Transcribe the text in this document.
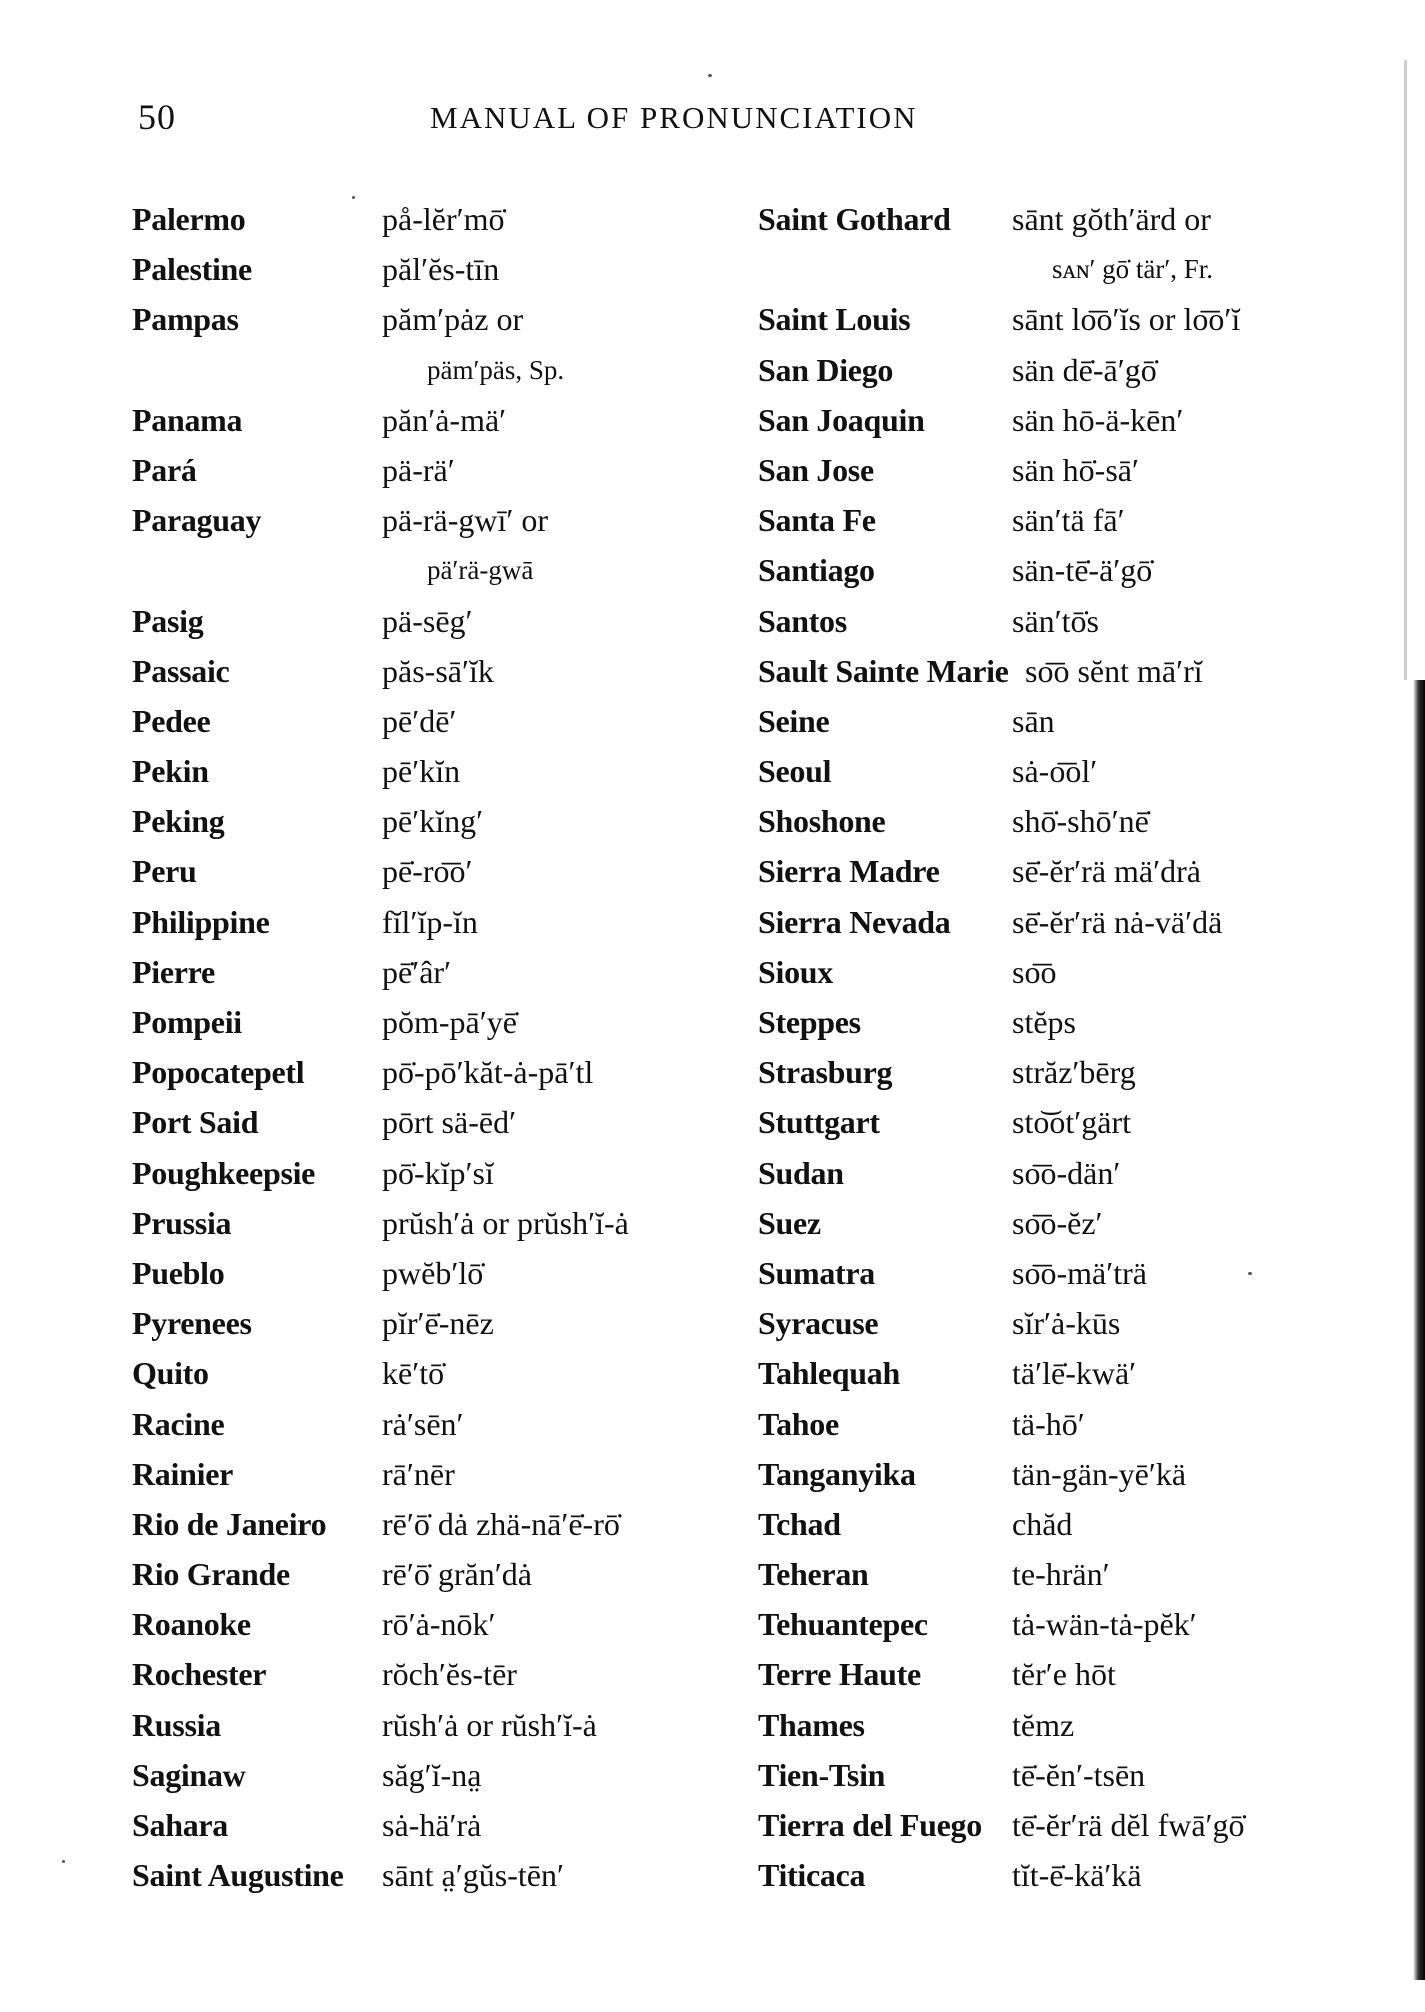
50	MANUAL OF PRONUNCIATION
Palermo	på-lĕr′mō̇
Palestine	păl′ĕs-tīn
Pampas	păm′pȧz or
päm′päs, Sp.
Panama	păn′ȧ-mä′
Pará	pä-rä′
Paraguay	pä-rä-gwī′ or
pä′rä-gwā
Pasig	pä-sēg′
Passaic	păs-sā′ĭk
Pedee	pē′dē′
Pekin	pē′kĭn
Peking	pē′kĭng′
Peru	pē̇-ro͞o′
Philippine	fĭl′ĭp-ĭn
Pierre	pē̇′âr′
Pompeii	pŏm-pā′yē̇
Popocatepetl pō̇-pō′kăt-ȧ-pā′tl
Port Said	pōrt sä-ēd′
Poughkeepsie pō̇-kĭp′sĭ
Prussia	prŭsh′ȧ or prŭsh′ĭ-ȧ
Pueblo	pwĕb′lō̇
Pyrenees	pĭr′ē̇-nēz
Quito	kē′tō̇
Racine	rȧ′sēn′
Rainier	rā′nēr
Rio de Janeiro rē′ō̇ dȧ zhä-nā′ē̇-rō̇
Rio Grande	rē′ō̇ grăn′dȧ
Roanoke	rō′ȧ-nōk′
Rochester	rŏch′ĕs-tēr
Russia	rŭsh′ȧ or rŭsh′ĭ-ȧ
Saginaw	săg′ĭ-na̤
Sahara	sȧ-hä′rȧ
Saint Augustine sānt a̤′gŭs-tēn′
Saint Gothard sānt gŏth′ärd or
sᴀɴ′ gō̇ tär′, Fr.
Saint Louis	sānt lo͞o′ĭs or lo͞o′ĭ
San Diego	sän dē̇-ā′gō̇
San Joaquin	sän hō-ä-kēn′
San Jose	sän hō̇-sā′
Santa Fe	sän′tä fā′
Santiago	sän-tē̇-ä′gō̇
Santos	sän′tō̇s
Sault Sainte Marie so͞o sĕnt mā′rĭ
Seine	sān
Seoul	sȧ-o͞ol′
Shoshone	shō̇-shō′nē̇
Sierra Madre sē̇-ĕr′rä mä′drȧ
Sierra Nevada sē̇-ĕr′rä nȧ-vä′dä
Sioux	so͞o
Steppes	stĕps
Strasburg	străz′bērg
Stuttgart	sto͝ot′gärt
Sudan	so͞o-dän′
Suez	so͞o-ĕz′
Sumatra	so͞o-mä′trä
Syracuse	sĭr′ȧ-kūs
Tahlequah	tä′lē̇-kwä′
Tahoe	tä-hō′
Tanganyika	tän-gän-yē′kä
Tchad	chăd
Teheran	te-hrän′
Tehuantepec	tȧ-wän-tȧ-pĕk′
Terre Haute	tĕr′e hōt
Thames	tĕmz
Tien-Tsin	tē̇-ĕn′-tsēn
Tierra del Fuego tē̇-ĕr′rä dĕl fwā′gō̇
Titicaca	tĭt-ē̇-kä′kä
